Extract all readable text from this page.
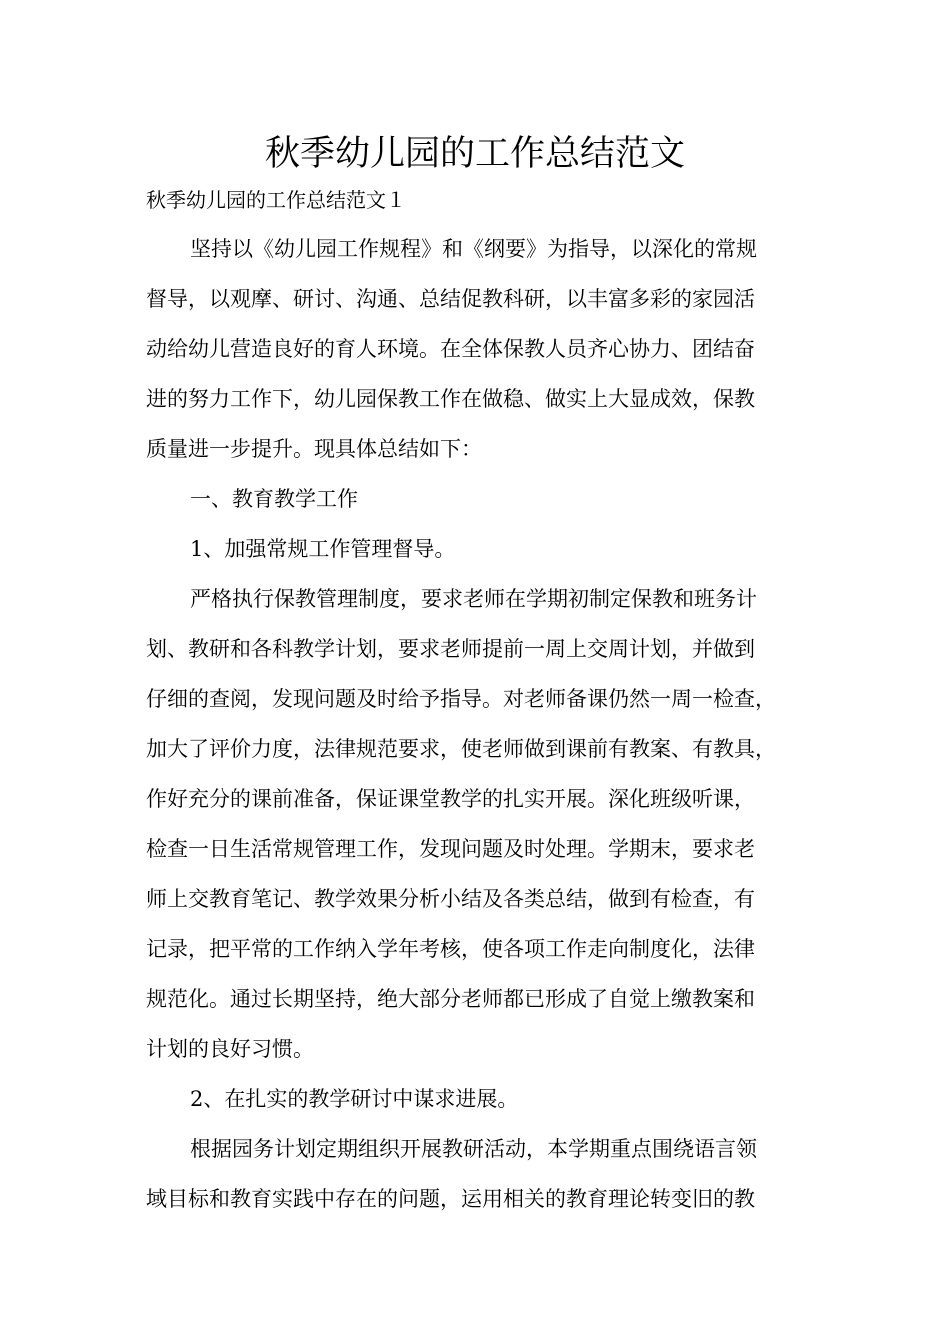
秋季幼儿园的工作总结范文
秋季幼儿园的工作总结范文１
坚持以《幼儿园工作规程》和《纲要》为指导，以深化的常规
督导，以观摩、研讨、沟通、总结促教科研，以丰富多彩的家园活
动给幼儿营造良好的育人环境。在全体保教人员齐心协力、团结奋
进的努力工作下，幼儿园保教工作在做稳、做实上大显成效，保教
质量进一步提升。现具体总结如下：
一、教育教学工作
1、加强常规工作管理督导。
严格执行保教管理制度，要求老师在学期初制定保教和班务计
划、教研和各科教学计划，要求老师提前一周上交周计划，并做到
仔细的查阅，发现问题及时给予指导。对老师备课仍然一周一检查，
加大了评价力度，法律规范要求，使老师做到课前有教案、有教具，
作好充分的课前准备，保证课堂教学的扎实开展。深化班级听课，
检查一日生活常规管理工作，发现问题及时处理。学期末，要求老
师上交教育笔记、教学效果分析小结及各类总结，做到有检查，有
记录，把平常的工作纳入学年考核，使各项工作走向制度化，法律
规范化。通过长期坚持，绝大部分老师都已形成了自觉上缴教案和
计划的良好习惯。
2、在扎实的教学研讨中谋求进展。
根据园务计划定期组织开展教研活动，本学期重点围绕语言领
域目标和教育实践中存在的问题，运用相关的教育理论转变旧的教
